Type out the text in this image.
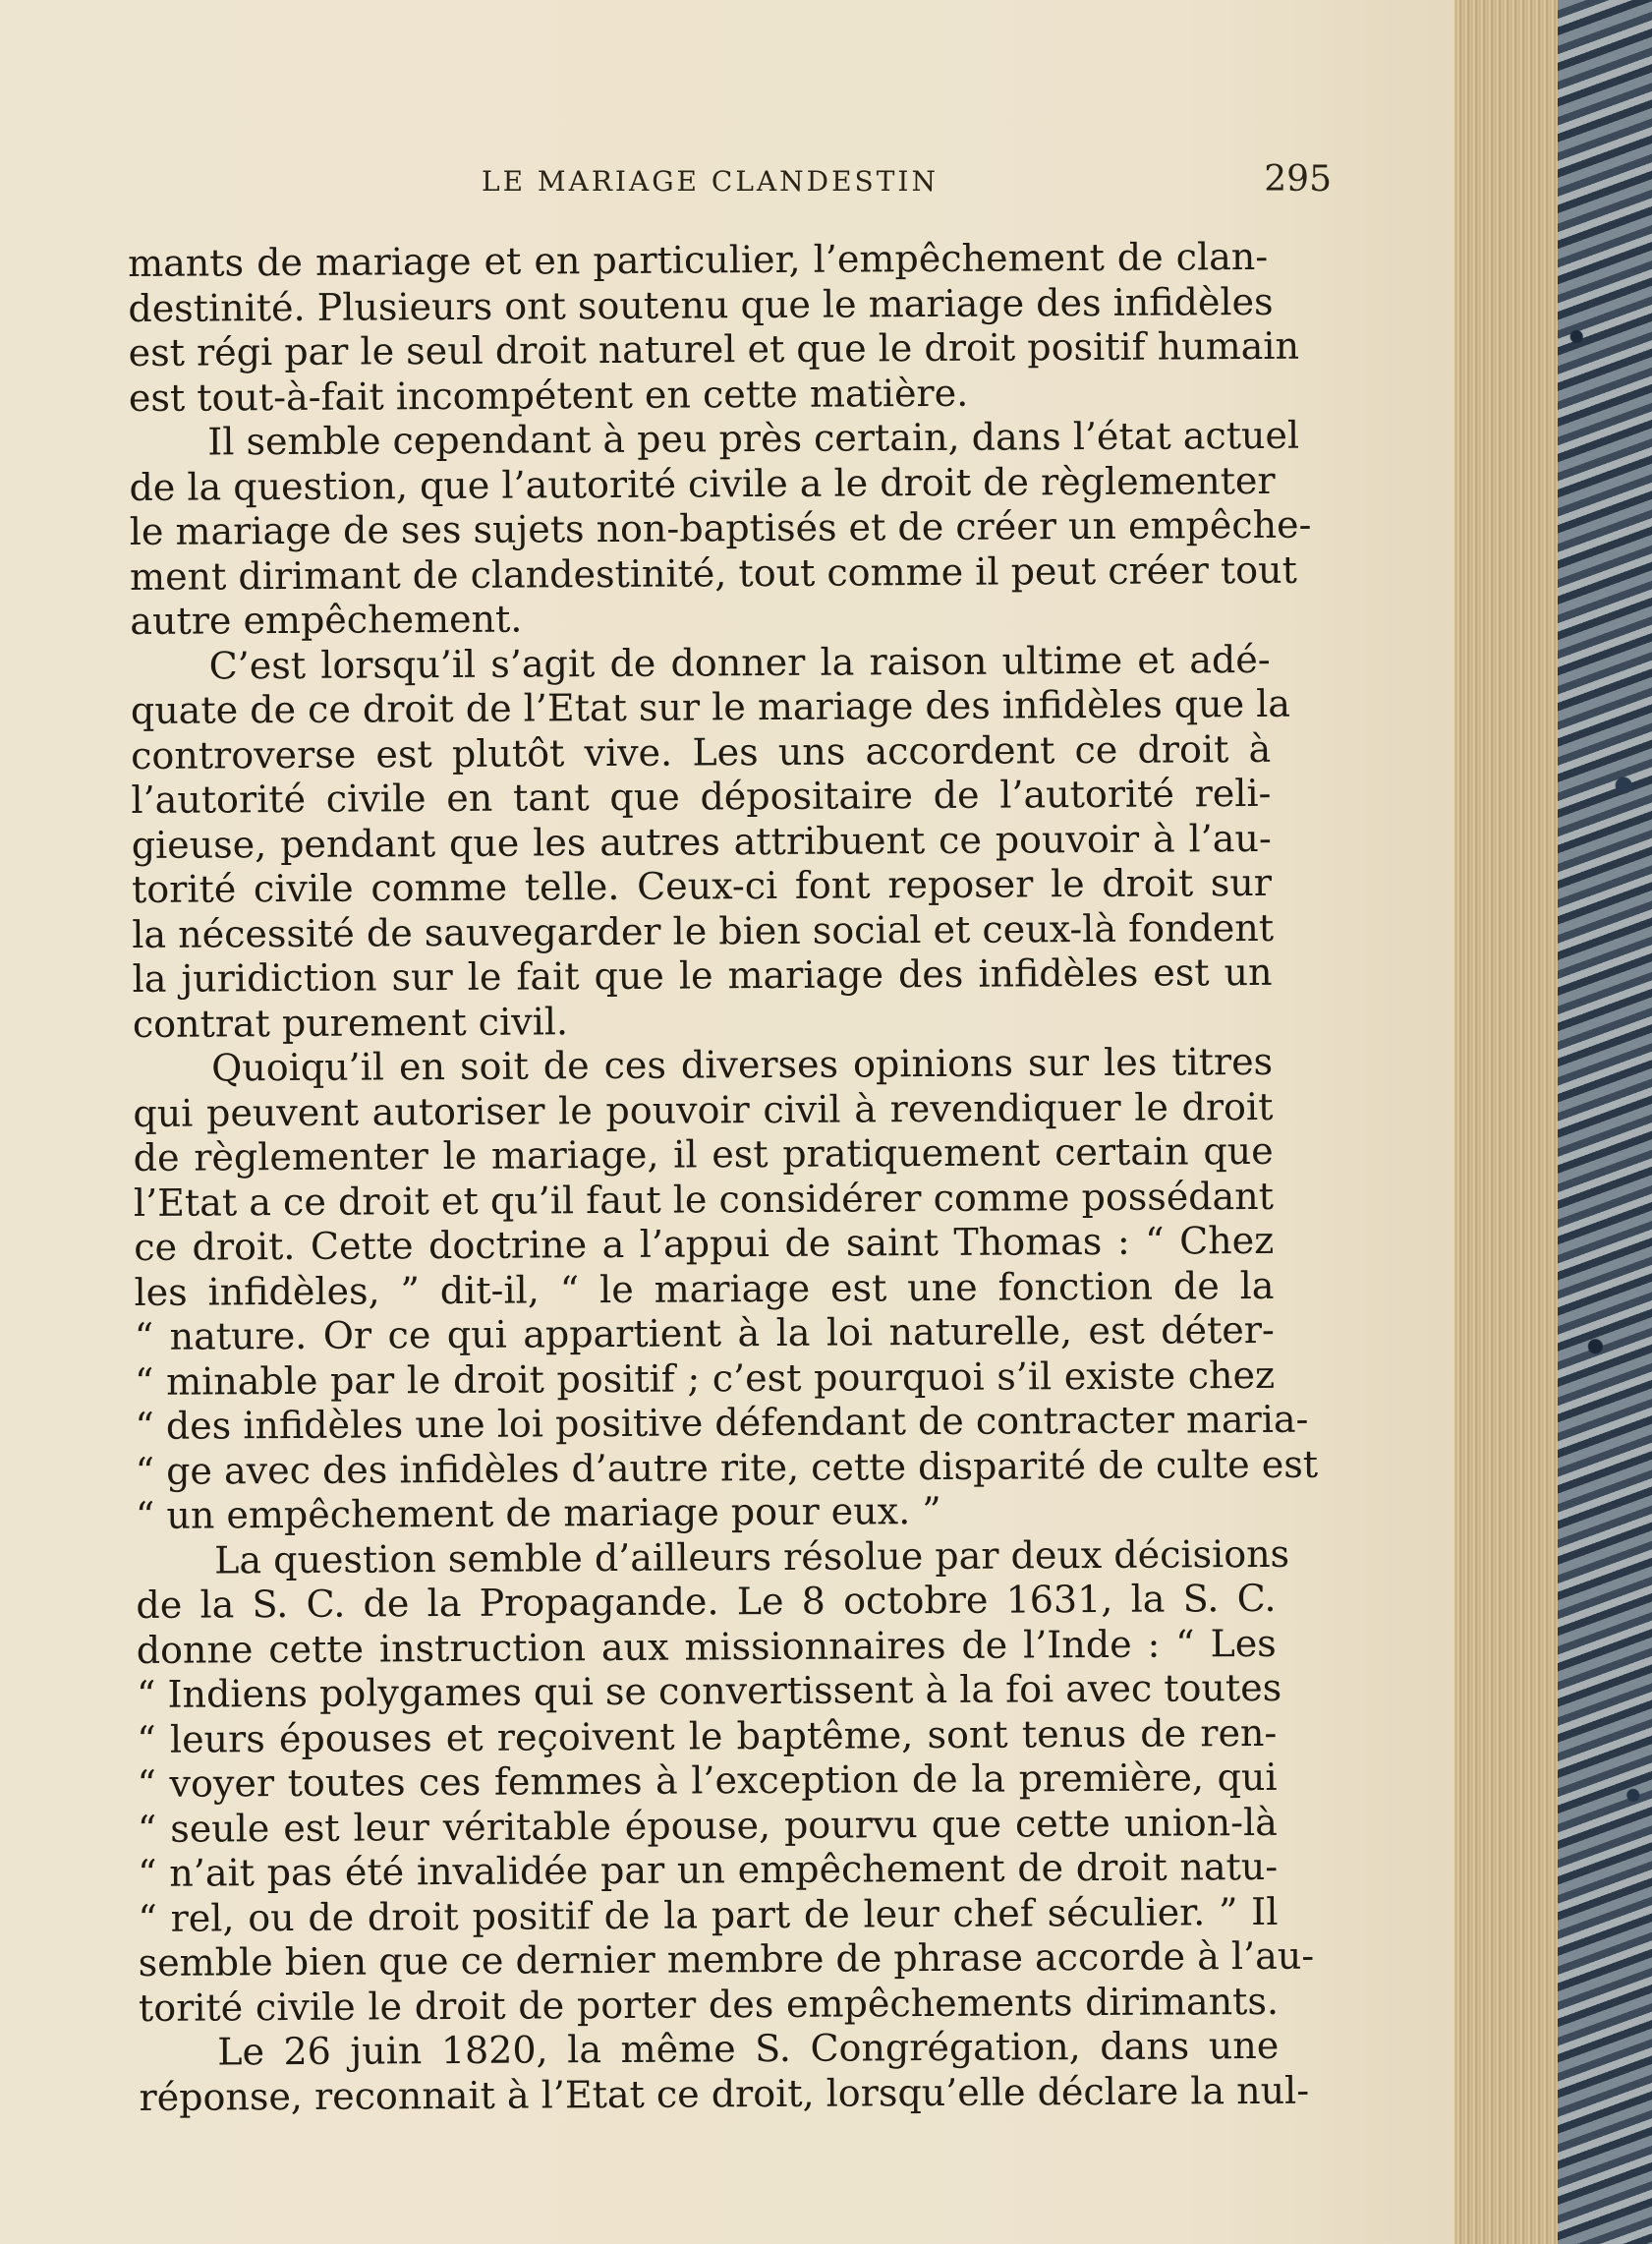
LE MARIAGE CLANDESTIN	295
mants de mariage et en particulier, l’empêchement de clan-
destinité. Plusieurs ont soutenu que le mariage des infidèles
est régi par le seul droit naturel et que le droit positif humain
est tout-à-fait incompétent en cette matière.
Il semble cependant à peu près certain, dans l’état actuel
de la question, que l’autorité civile a le droit de règlementer
le mariage de ses sujets non-baptisés et de créer un empêche-
ment dirimant de clandestinité, tout comme il peut créer tout
autre empêchement.
C’est lorsqu’il s’agit de donner la raison ultime et adé-
quate de ce droit de l’Etat sur le mariage des infidèles que la
controverse est plutôt vive. Les uns accordent ce droit à
l’autorité civile en tant que dépositaire de l’autorité reli-
gieuse, pendant que les autres attribuent ce pouvoir à l’au-
torité civile comme telle. Ceux-ci font reposer le droit sur
la nécessité de sauvegarder le bien social et ceux-là fondent
la juridiction sur le fait que le mariage des infidèles est un
contrat purement civil.
Quoiqu’il en soit de ces diverses opinions sur les titres
qui peuvent autoriser le pouvoir civil à revendiquer le droit
de règlementer le mariage, il est pratiquement certain que
l’Etat a ce droit et qu’il faut le considérer comme possédant
ce droit. Cette doctrine a l’appui de saint Thomas : “ Chez
les infidèles, ” dit-il, “ le mariage est une fonction de la
“ nature. Or ce qui appartient à la loi naturelle, est déter-
“ minable par le droit positif ; c’est pourquoi s’il existe chez
“ des infidèles une loi positive défendant de contracter maria-
“ ge avec des infidèles d’autre rite, cette disparité de culte est
“ un empêchement de mariage pour eux. ”
La question semble d’ailleurs résolue par deux décisions
de la S. C. de la Propagande. Le 8 octobre 1631, la S. C.
donne cette instruction aux missionnaires de l’Inde : “ Les
“ Indiens polygames qui se convertissent à la foi avec toutes
“ leurs épouses et reçoivent le baptême, sont tenus de ren-
“ voyer toutes ces femmes à l’exception de la première, qui
“ seule est leur véritable épouse, pourvu que cette union-là
“ n’ait pas été invalidée par un empêchement de droit natu-
“ rel, ou de droit positif de la part de leur chef séculier. ” Il
semble bien que ce dernier membre de phrase accorde à l’au-
torité civile le droit de porter des empêchements dirimants.
Le 26 juin 1820, la même S. Congrégation, dans une
réponse, reconnait à l’Etat ce droit, lorsqu’elle déclare la nul-
